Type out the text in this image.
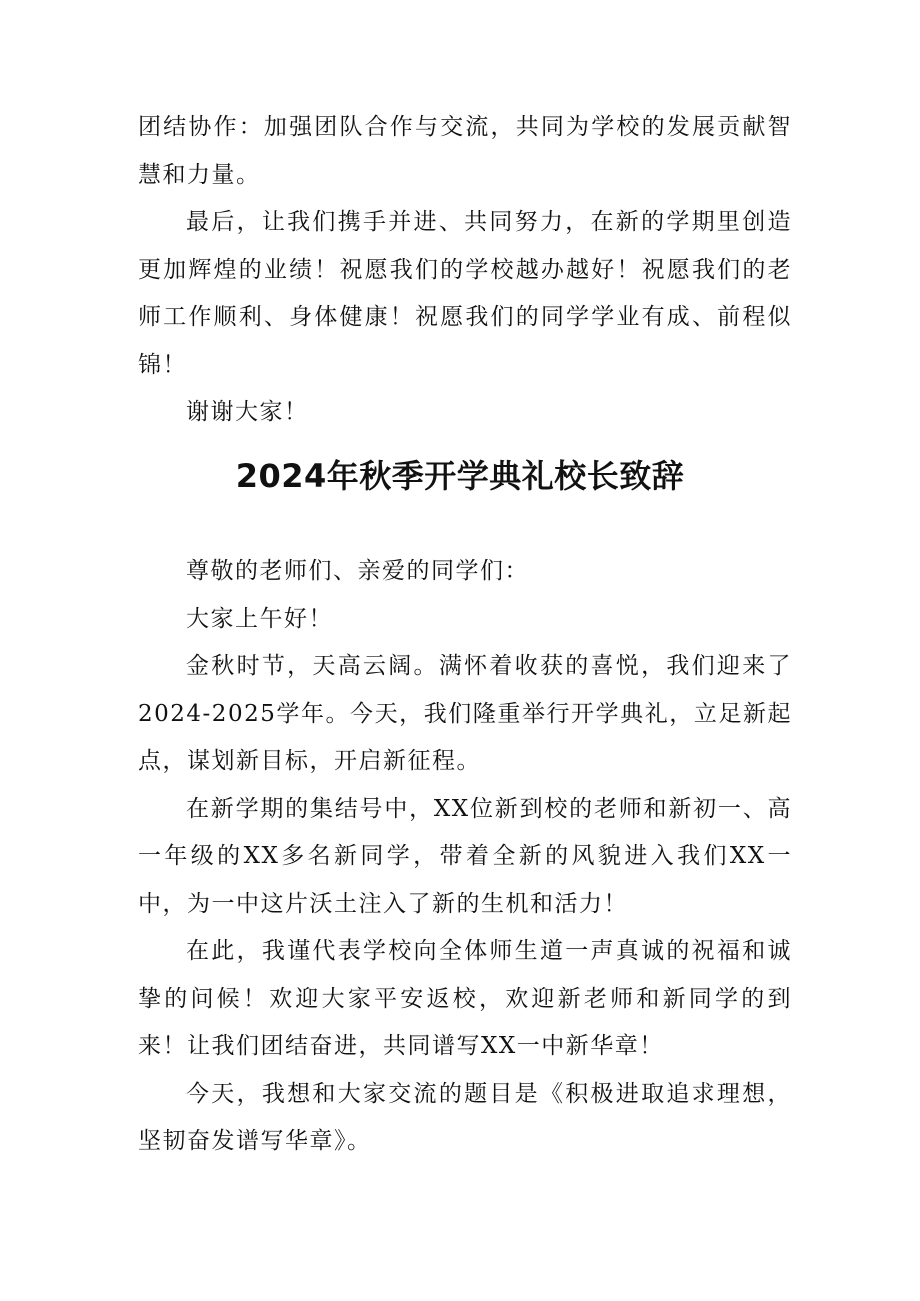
团结协作：加强团队合作与交流，共同为学校的发展贡献智慧和力量。

最后，让我们携手并进、共同努力，在新的学期里创造更加辉煌的业绩！祝愿我们的学校越办越好！祝愿我们的老师工作顺利、身体健康！祝愿我们的同学学业有成、前程似锦！

谢谢大家！

2024年秋季开学典礼校长致辞

尊敬的老师们、亲爱的同学们：

大家上午好！

金秋时节，天高云阔。满怀着收获的喜悦，我们迎来了2024-2025学年。今天，我们隆重举行开学典礼，立足新起点，谋划新目标，开启新征程。

在新学期的集结号中，XX位新到校的老师和新初一、高一年级的XX多名新同学，带着全新的风貌进入我们XX一中，为一中这片沃土注入了新的生机和活力！

在此，我谨代表学校向全体师生道一声真诚的祝福和诚挚的问候！欢迎大家平安返校，欢迎新老师和新同学的到来！让我们团结奋进，共同谱写XX一中新华章！

今天，我想和大家交流的题目是《积极进取追求理想，坚韧奋发谱写华章》。
